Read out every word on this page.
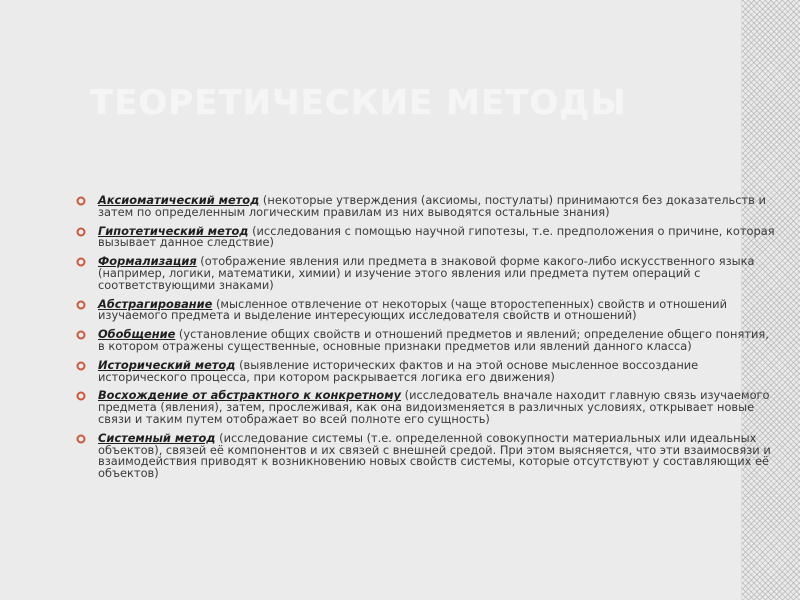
ТЕОРЕТИЧЕСКИЕ МЕТОДЫ
Аксиоматический метод (некоторые утверждения (аксиомы, постулаты) принимаются без доказательств и затем по определенным логическим правилам из них выводятся остальные знания)
Гипотетический метод (исследования с помощью научной гипотезы, т.е. предположения о причине, которая вызывает данное следствие)
Формализация (отображение явления или предмета в знаковой форме какого-либо искусственного языка (например, логики, математики, химии) и изучение этого явления или предмета путем операций с соответствующими знаками)
Абстрагирование (мысленное отвлечение от некоторых (чаще второстепенных) свойств и отношений изучаемого предмета и выделение интересующих исследователя свойств и отношений)
Обобщение (установление общих свойств и отношений предметов и явлений; определение общего понятия, в котором отражены существенные, основные признаки предметов или явлений данного класса)
Исторический метод (выявление исторических фактов и на этой основе мысленное воссоздание исторического процесса, при котором раскрывается логика его движения)
Восхождение от абстрактного к конкретному (исследователь вначале находит главную связь изучаемого предмета (явления), затем, прослеживая, как она видоизменяется в различных условиях, открывает новые связи и таким путем отображает во всей полноте его сущность)
Системный метод (исследование системы (т.е. определенной совокупности материальных или идеальных объектов), связей её компонентов и их связей с внешней средой. При этом выясняется, что эти взаимосвязи и взаимодействия приводят к возникновению новых свойств системы, которые отсутствуют у составляющих её объектов)
